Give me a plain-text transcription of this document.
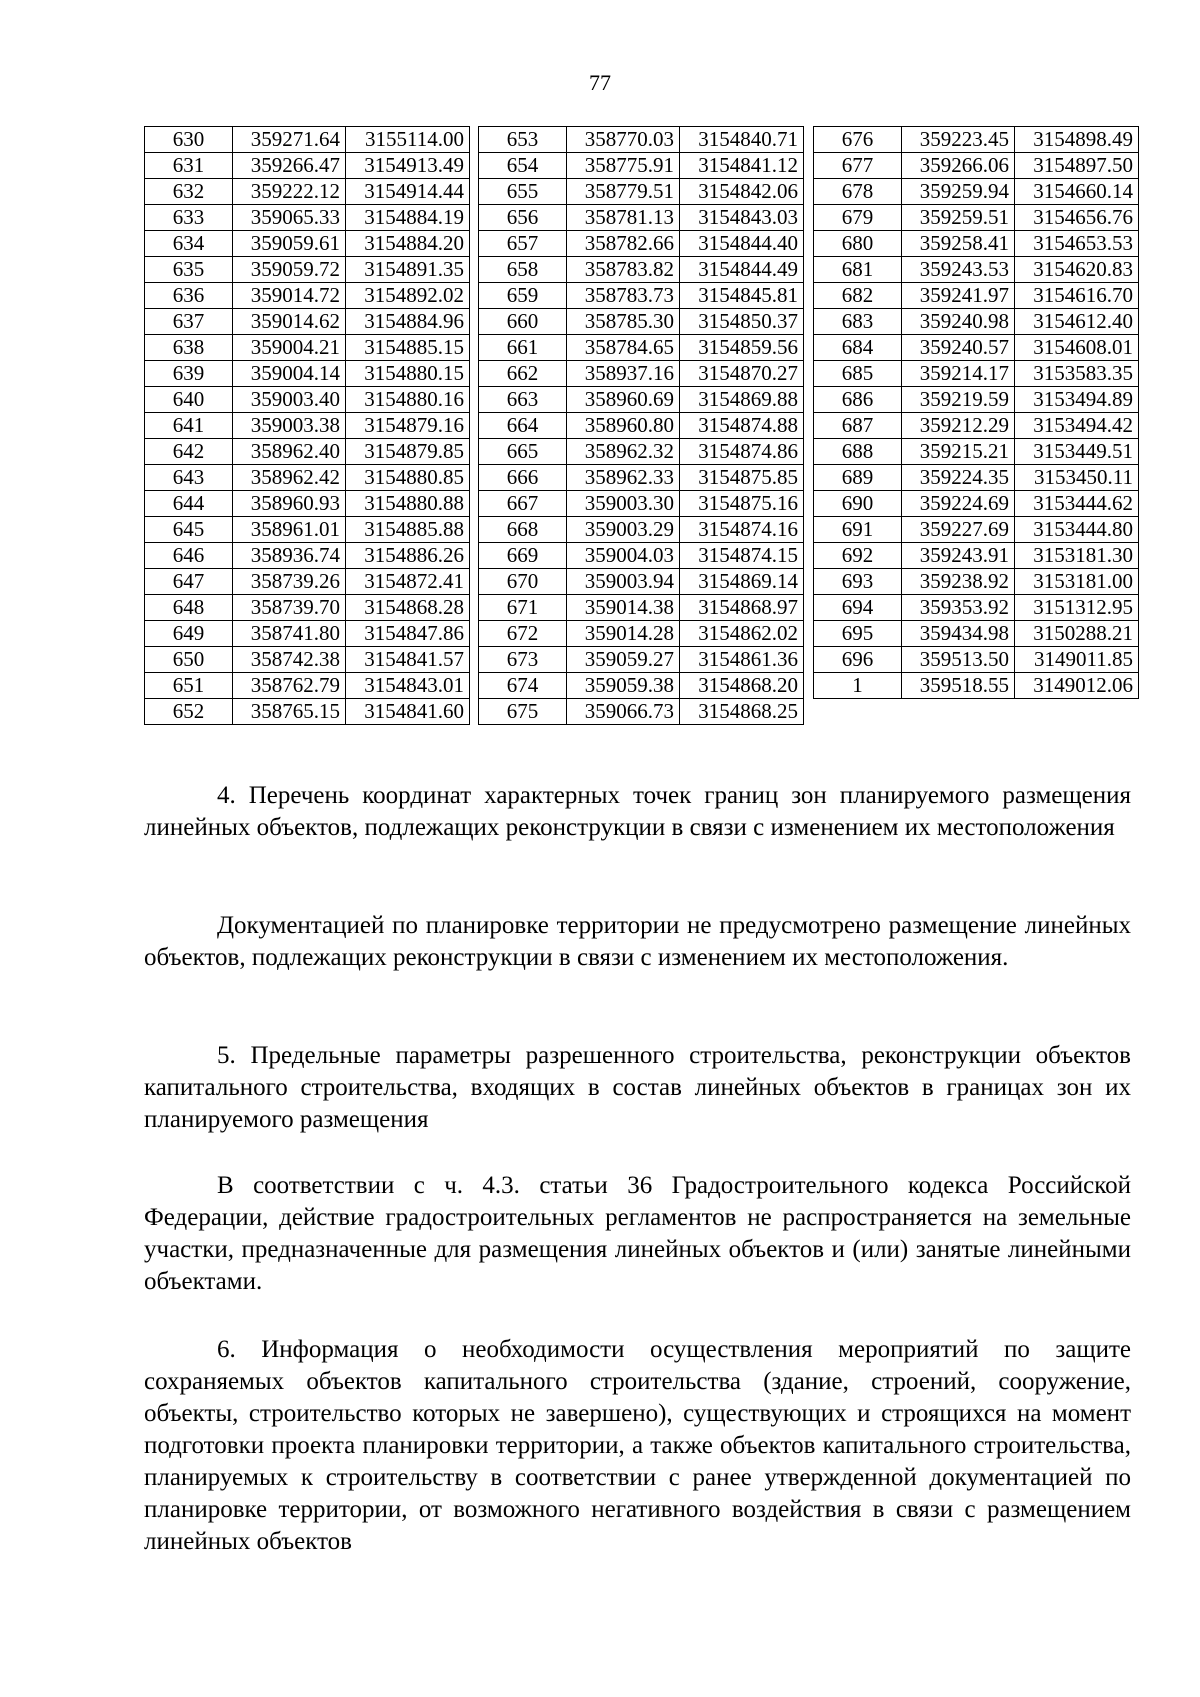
77
630	359271.64	3155114.00
631	359266.47	3154913.49
632	359222.12	3154914.44
633	359065.33	3154884.19
634	359059.61	3154884.20
635	359059.72	3154891.35
636	359014.72	3154892.02
637	359014.62	3154884.96
638	359004.21	3154885.15
639	359004.14	3154880.15
640	359003.40	3154880.16
641	359003.38	3154879.16
642	358962.40	3154879.85
643	358962.42	3154880.85
644	358960.93	3154880.88
645	358961.01	3154885.88
646	358936.74	3154886.26
647	358739.26	3154872.41
648	358739.70	3154868.28
649	358741.80	3154847.86
650	358742.38	3154841.57
651	358762.79	3154843.01
652	358765.15	3154841.60
653	358770.03	3154840.71
654	358775.91	3154841.12
655	358779.51	3154842.06
656	358781.13	3154843.03
657	358782.66	3154844.40
658	358783.82	3154844.49
659	358783.73	3154845.81
660	358785.30	3154850.37
661	358784.65	3154859.56
662	358937.16	3154870.27
663	358960.69	3154869.88
664	358960.80	3154874.88
665	358962.32	3154874.86
666	358962.33	3154875.85
667	359003.30	3154875.16
668	359003.29	3154874.16
669	359004.03	3154874.15
670	359003.94	3154869.14
671	359014.38	3154868.97
672	359014.28	3154862.02
673	359059.27	3154861.36
674	359059.38	3154868.20
675	359066.73	3154868.25
676	359223.45	3154898.49
677	359266.06	3154897.50
678	359259.94	3154660.14
679	359259.51	3154656.76
680	359258.41	3154653.53
681	359243.53	3154620.83
682	359241.97	3154616.70
683	359240.98	3154612.40
684	359240.57	3154608.01
685	359214.17	3153583.35
686	359219.59	3153494.89
687	359212.29	3153494.42
688	359215.21	3153449.51
689	359224.35	3153450.11
690	359224.69	3153444.62
691	359227.69	3153444.80
692	359243.91	3153181.30
693	359238.92	3153181.00
694	359353.92	3151312.95
695	359434.98	3150288.21
696	359513.50	3149011.85
1	359518.55	3149012.06

4. Перечень координат характерных точек границ зон планируемого размещения линейных объектов, подлежащих реконструкции в связи с изменением их местоположения

Документацией по планировке территории не предусмотрено размещение линейных объектов, подлежащих реконструкции в связи с изменением их местоположения.

5. Предельные параметры разрешенного строительства, реконструкции объектов капитального строительства, входящих в состав линейных объектов в границах зон их планируемого размещения

В соответствии с ч. 4.3. статьи 36 Градостроительного кодекса Российской Федерации, действие градостроительных регламентов не распространяется на земельные участки, предназначенные для размещения линейных объектов и (или) занятые линейными объектами.

6. Информация о необходимости осуществления мероприятий по защите сохраняемых объектов капитального строительства (здание, строений, сооружение, объекты, строительство которых не завершено), существующих и строящихся на момент подготовки проекта планировки территории, а также объектов капитального строительства, планируемых к строительству в соответствии с ранее утвержденной документацией по планировке территории, от возможного негативного воздействия в связи с размещением линейных объектов
